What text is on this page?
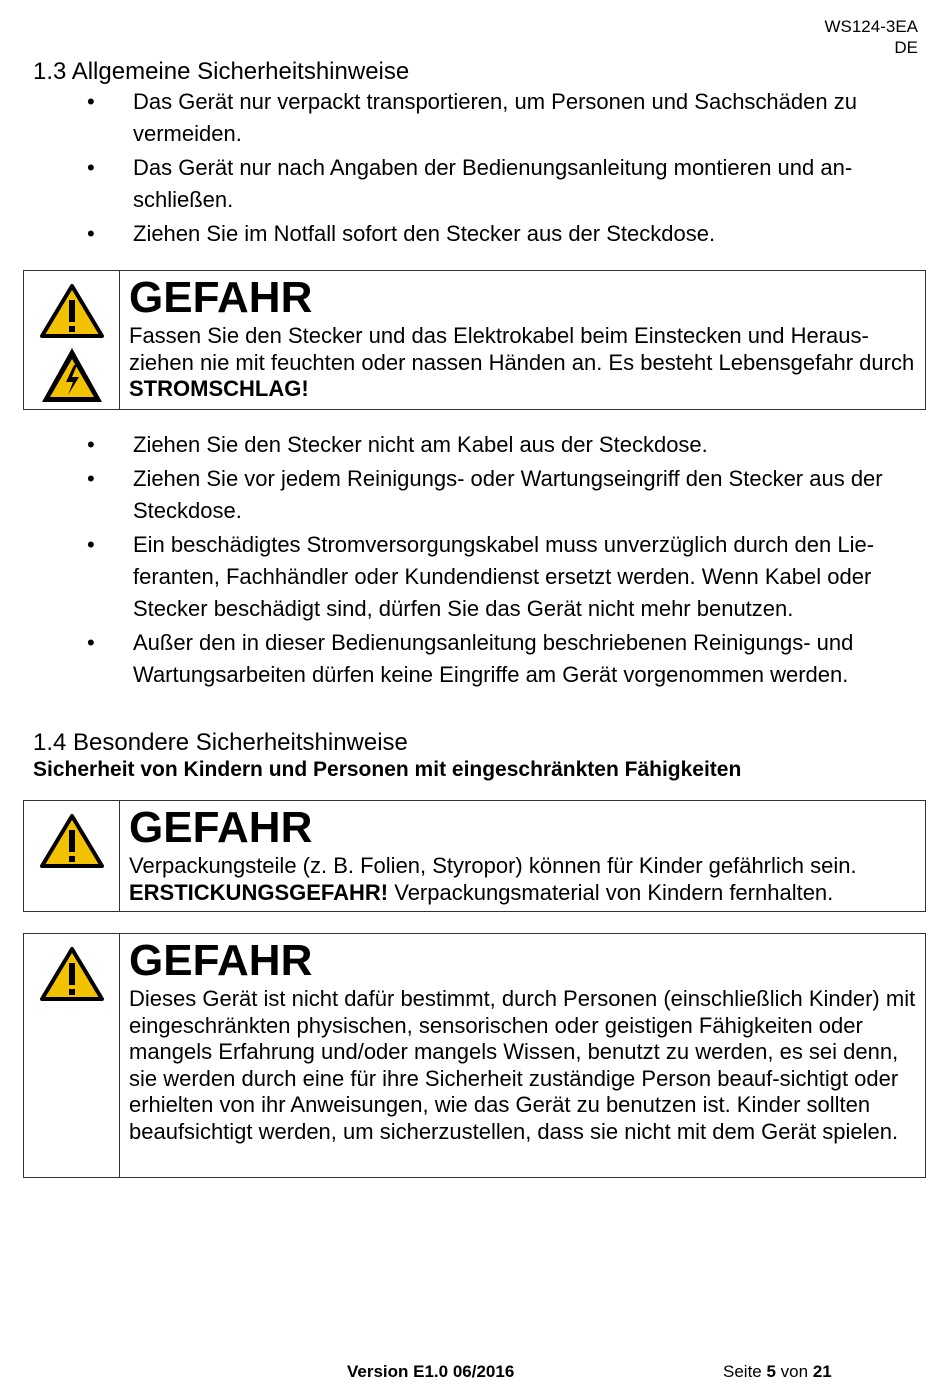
WS124-3EA
DE
1.3 Allgemeine Sicherheitshinweise
• Das Gerät nur verpackt transportieren, um Personen und Sachschäden zu vermeiden.
• Das Gerät nur nach Angaben der Bedienungsanleitung montieren und an-schließen.
• Ziehen Sie im Notfall sofort den Stecker aus der Steckdose.
GEFAHR
Fassen Sie den Stecker und das Elektrokabel beim Einstecken und Heraus-ziehen nie mit feuchten oder nassen Händen an. Es besteht Lebensgefahr durch STROMSCHLAG!
• Ziehen Sie den Stecker nicht am Kabel aus der Steckdose.
• Ziehen Sie vor jedem Reinigungs- oder Wartungseingriff den Stecker aus der Steckdose.
• Ein beschädigtes Stromversorgungskabel muss unverzüglich durch den Lie-feranten, Fachhändler oder Kundendienst ersetzt werden. Wenn Kabel oder Stecker beschädigt sind, dürfen Sie das Gerät nicht mehr benutzen.
• Außer den in dieser Bedienungsanleitung beschriebenen Reinigungs- und Wartungsarbeiten dürfen keine Eingriffe am Gerät vorgenommen werden.
1.4 Besondere Sicherheitshinweise
Sicherheit von Kindern und Personen mit eingeschränkten Fähigkeiten
GEFAHR
Verpackungsteile (z. B. Folien, Styropor) können für Kinder gefährlich sein.
ERSTICKUNGSGEFAHR! Verpackungsmaterial von Kindern fernhalten.
GEFAHR
Dieses Gerät ist nicht dafür bestimmt, durch Personen (einschließlich Kinder) mit eingeschränkten physischen, sensorischen oder geistigen Fähigkeiten oder mangels Erfahrung und/oder mangels Wissen, benutzt zu werden, es sei denn, sie werden durch eine für ihre Sicherheit zuständige Person beauf-sichtigt oder erhielten von ihr Anweisungen, wie das Gerät zu benutzen ist. Kinder sollten beaufsichtigt werden, um sicherzustellen, dass sie nicht mit dem Gerät spielen.
Version E1.0 06/2016	Seite 5 von 21
